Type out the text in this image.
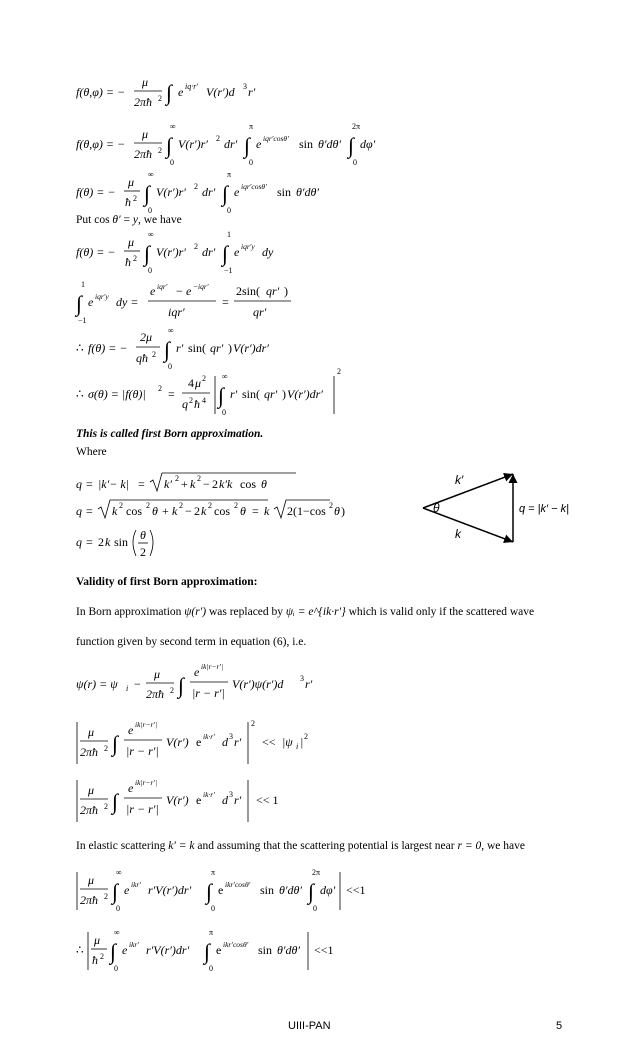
f(θ,φ) = −
μ
2πħ 2 ∫ e iq·r′ V(r′)d 3 r′
f(θ,φ) = −
μ
2πħ 2 ∫
∞
0
V(r′)r′ 2 dr′ ∫
π
0
e iqr′cosθ′ sin θ′dθ′ ∫
2π
0
dφ′
f(θ) = −
μ
ħ 2 ∫
∞
0
V(r′)r′ 2 dr′ ∫
π
0
e iqr′cosθ′ sin θ′dθ′
Put cos θ′ = y, we have
f(θ) = −
μ
ħ 2 ∫
∞
0
V(r′)r′ 2 dr′ ∫
1
−1
e iqr′y dy
∫
1
−1
e iqr′y dy =
e iqr′ − e −iqr′
iqr′
=
2sin( qr′ )
qr′
∴ f(θ) = −
2μ
qħ 2 ∫
∞
0
r′ sin( qr′ ) V(r′)dr′
∴ σ(θ) = |f(θ)| 2 =
4 μ 2
q 2 ħ 4 ∫
∞
0
r′ sin( qr′ ) V(r′)dr′
2
This is called first Born approximation.
Where
q = |k′− k| = k′ 2 + k 2 − 2 k′k cos θ
q = k 2 cos 2 θ + k 2 − 2 k 2 cos 2 θ = k 2(1−cos 2 θ )
q = 2 k sin θ
2
k′
θ
k
q = |k′ − k|
Validity of first Born approximation:
In Born approximation ψ(r′) was replaced by ψᵢ = e^{ik·r′} which is valid only if the scattered wave
function given by second term in equation (6), i.e.
ψ(r) = ψ i −
μ
2πħ 2 ∫
e ik|r−r′|
|r − r′|
V(r′)ψ(r′)d 3 r′
μ
2πħ 2 ∫
e ik|r−r′|
|r − r′|
V(r′) e ik·r′ d 3 r′
2
<< |ψ i | 2
μ
2πħ 2 ∫
e ik|r−r′|
|r − r′|
V(r′) e ik·r′ d 3 r′ << 1
In elastic scattering k′ = k and assuming that the scattering potential is largest near r = 0, we have
μ
2πħ 2 ∫
∞
0
e ikr′ r′V(r′)dr′ ∫
π
0
e ikr′cosθ′ sin θ′dθ′ ∫
2π
0
dφ′ <<1
∴
μ
ħ 2 ∫
∞
0
e ikr′ r′V(r′)dr′ ∫
π
0
e ikr′cosθ′ sin θ′dθ′ <<1
UIII-PAN	5
